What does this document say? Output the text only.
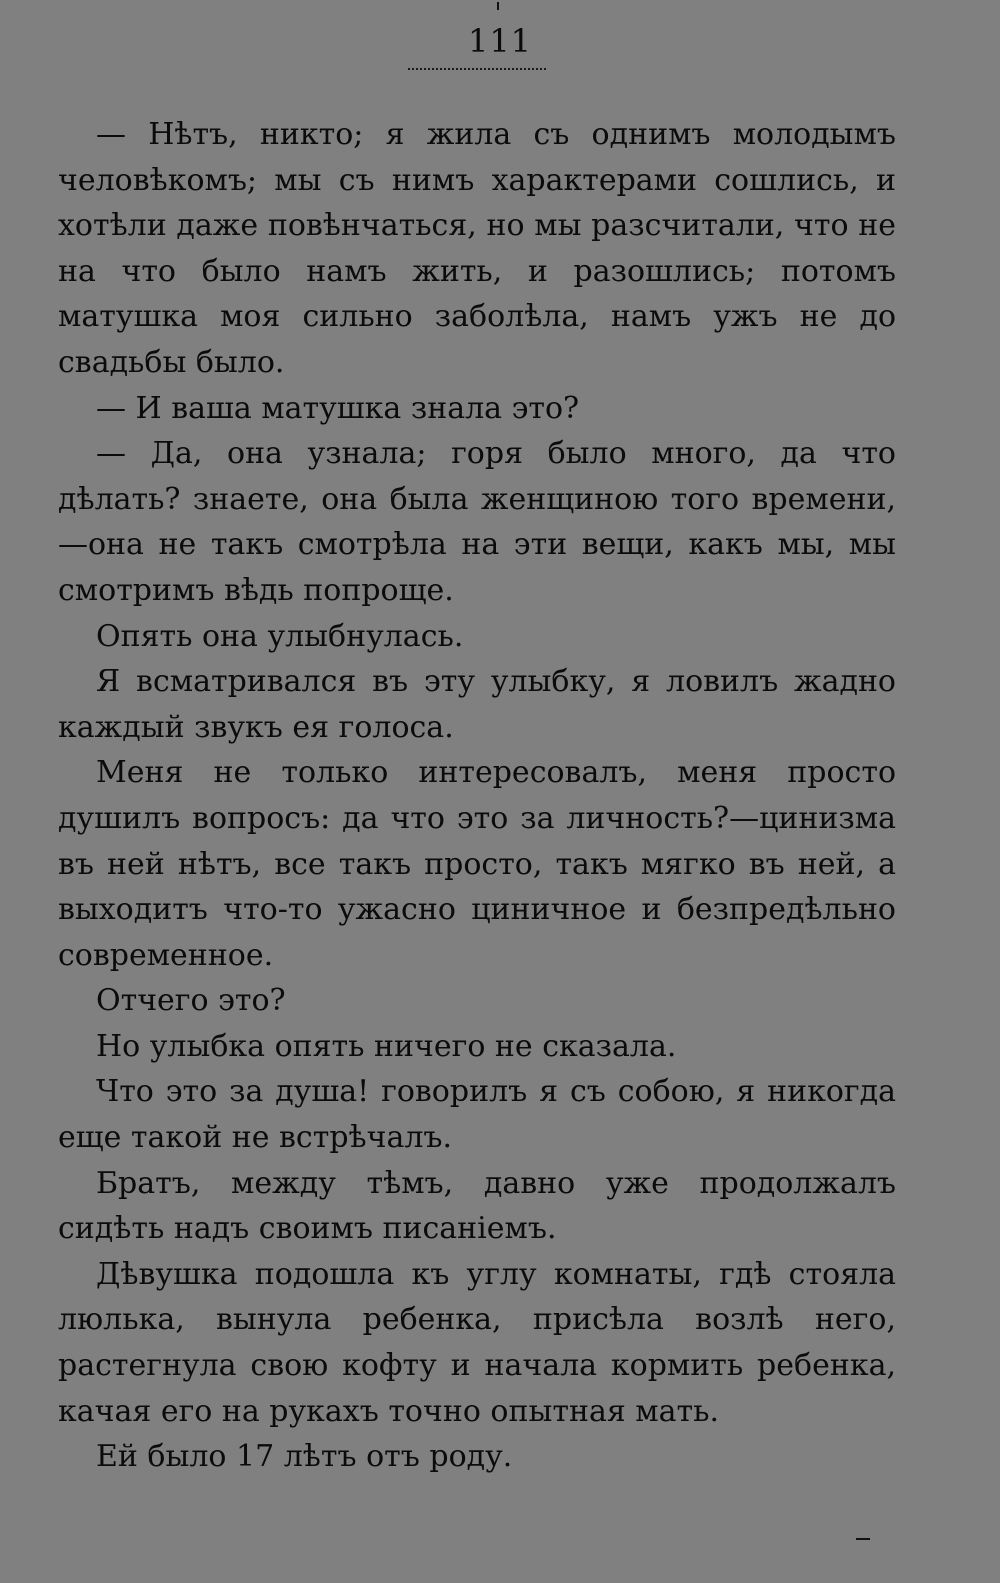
111

— Нѣтъ, никто; я жила съ однимъ молодымъ человѣкомъ; мы съ нимъ характерами сошлись, и хотѣли даже повѣнчаться, но мы разсчитали, что не на что было намъ жить, и разошлись; потомъ матушка моя сильно заболѣла, намъ ужъ не до свадьбы было.

— И ваша матушка знала это?

— Да, она узнала; горя было много, да что дѣлать? знаете, она была женщиною того времени,—она не такъ смотрѣла на эти вещи, какъ мы, мы смотримъ вѣдь попроще.

Опять она улыбнулась.

Я всматривался въ эту улыбку, я ловилъ жадно каждый звукъ ея голоса.

Меня не только интересовалъ, меня просто душилъ вопросъ: да что это за личность?—цинизма въ ней нѣтъ, все такъ просто, такъ мягко въ ней, а выходитъ что-то ужасно циничное и безпредѣльно современное.

Отчего это?

Но улыбка опять ничего не сказала.

Что это за душа! говорилъ я съ собою, я никогда еще такой не встрѣчалъ.

Братъ, между тѣмъ, давно уже продолжалъ сидѣть надъ своимъ писаніемъ.

Дѣвушка подошла къ углу комнаты, гдѣ стояла люлька, вынула ребенка, присѣла возлѣ него, растегнула свою кофту и начала кормить ребенка, качая его на рукахъ точно опытная мать.

Ей было 17 лѣтъ отъ роду.
